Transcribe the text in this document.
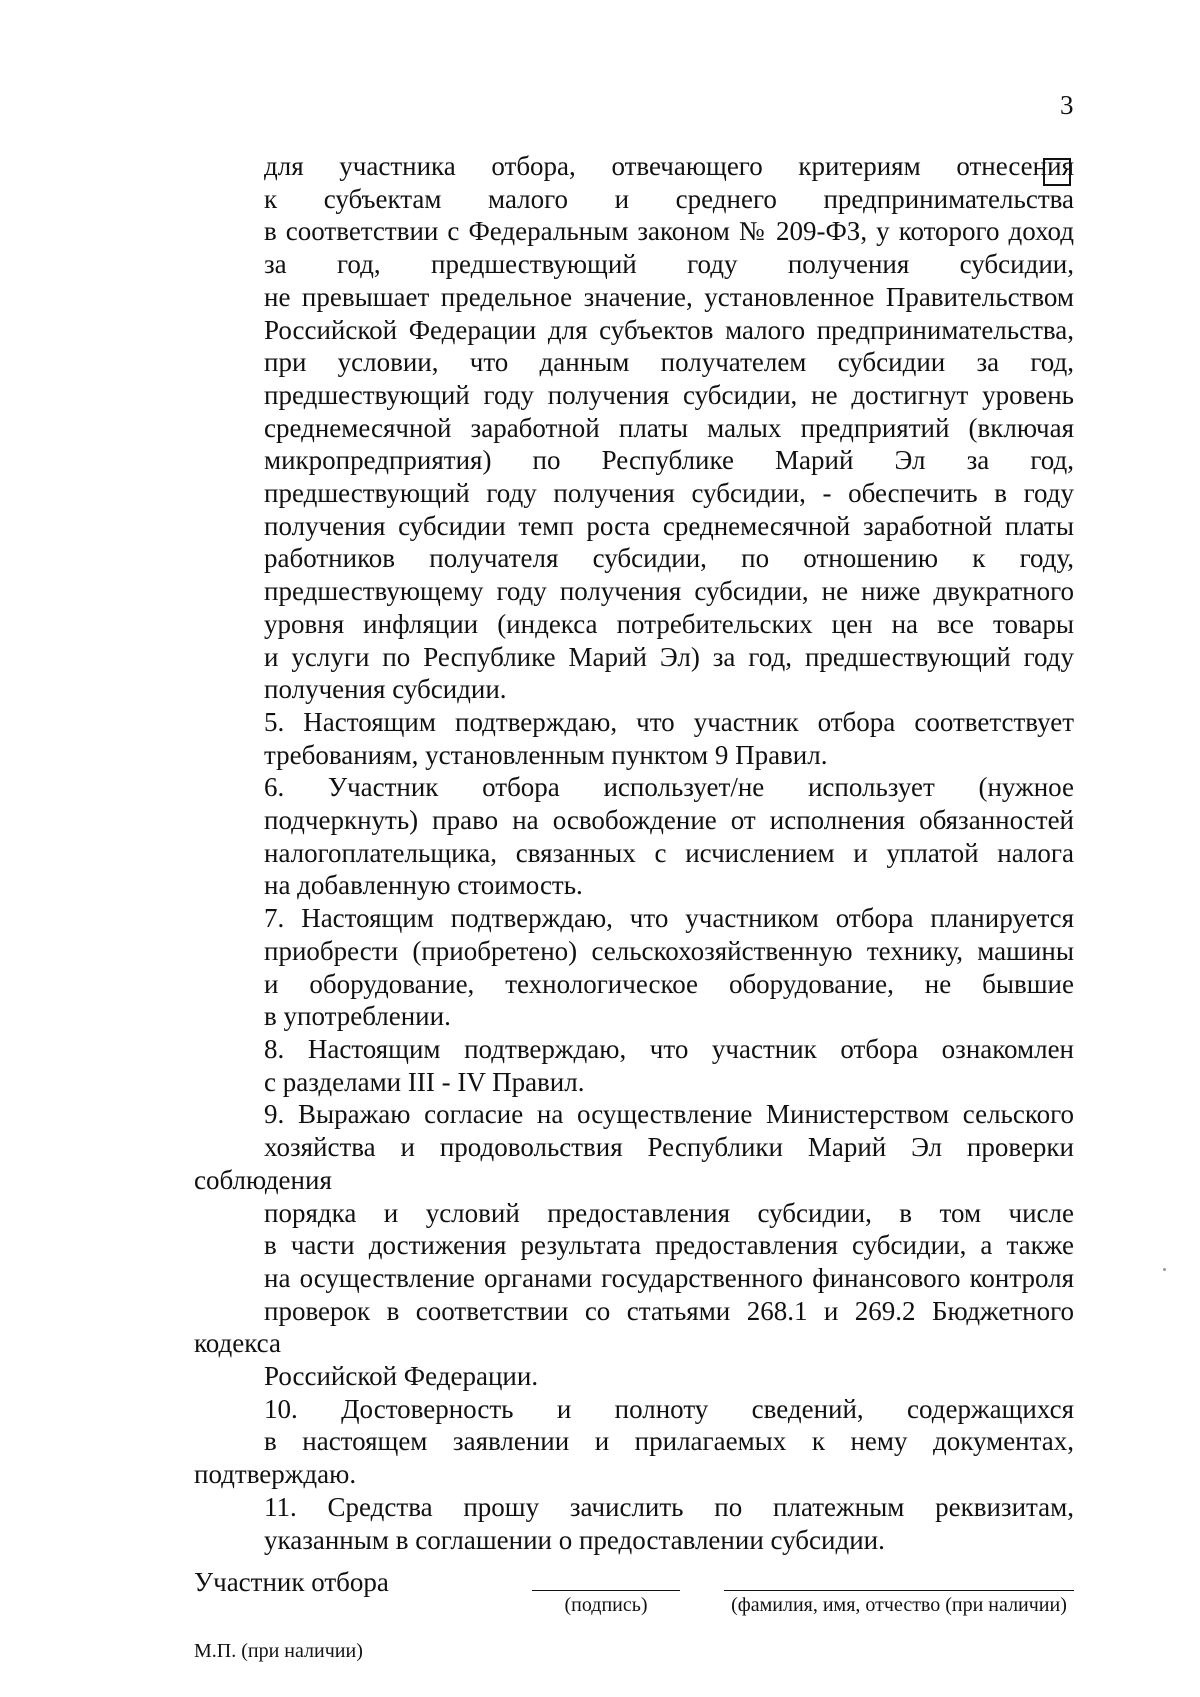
3

для участника отбора, отвечающего критериям отнесения
к субъектам малого и среднего предпринимательства
в соответствии с Федеральным законом № 209-ФЗ, у которого доход
за год, предшествующий году получения субсидии,
не превышает предельное значение, установленное Правительством
Российской Федерации для субъектов малого предпринимательства,
при условии, что данным получателем субсидии за год,
предшествующий году получения субсидии, не достигнут уровень
среднемесячной заработной платы малых предприятий (включая
микропредприятия) по Республике Марий Эл за год,
предшествующий году получения субсидии, - обеспечить в году
получения субсидии темп роста среднемесячной заработной платы
работников получателя субсидии, по отношению к году,
предшествующему году получения субсидии, не ниже двукратного
уровня инфляции (индекса потребительских цен на все товары
и услуги по Республике Марий Эл) за год, предшествующий году
получения субсидии.

5. Настоящим подтверждаю, что участник отбора соответствует
требованиям, установленным пунктом 9 Правил.

6. Участник отбора использует/не использует (нужное
подчеркнуть) право на освобождение от исполнения обязанностей
налогоплательщика, связанных с исчислением и уплатой налога
на добавленную стоимость.

7. Настоящим подтверждаю, что участником отбора планируется
приобрести (приобретено) сельскохозяйственную технику, машины
и оборудование, технологическое оборудование, не бывшие
в употреблении.

8. Настоящим подтверждаю, что участник отбора ознакомлен
с разделами III - IV Правил.

9. Выражаю согласие на осуществление Министерством сельского
хозяйства и продовольствия Республики Марий Эл проверки соблюдения
порядка и условий предоставления субсидии, в том числе
в части достижения результата предоставления субсидии, а также
на осуществление органами государственного финансового контроля
проверок в соответствии со статьями 268.1 и 269.2 Бюджетного кодекса
Российской Федерации.

10. Достоверность и полноту сведений, содержащихся
в настоящем заявлении и прилагаемых к нему документах, подтверждаю.

11. Средства прошу зачислить по платежным реквизитам,
указанным в соглашении о предоставлении субсидии.

Участник отбора
(подпись)	(фамилия, имя, отчество (при наличии)
М.П. (при наличии)
